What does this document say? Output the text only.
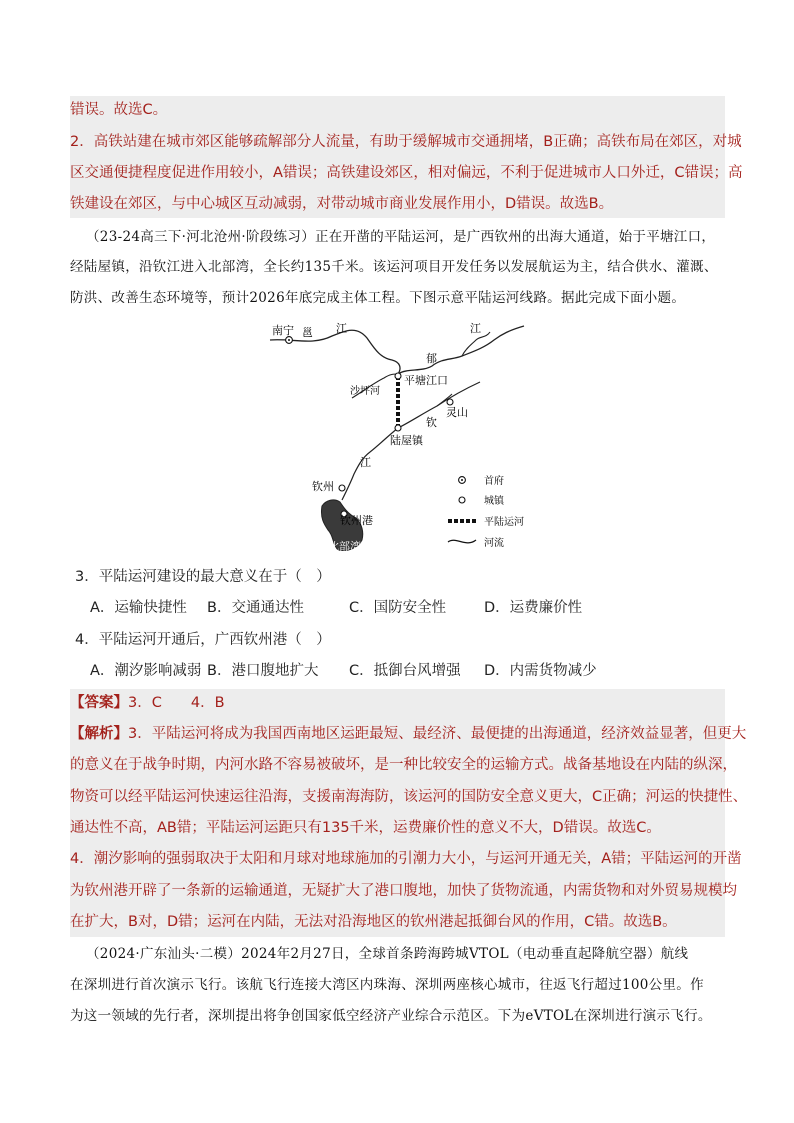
错误。故选C。
2．高铁站建在城市郊区能够疏解部分人流量，有助于缓解城市交通拥堵，B正确；高铁布局在郊区，对城
区交通便捷程度促进作用较小，A错误；高铁建设郊区，相对偏远，不利于促进城市人口外迁，C错误；高
铁建设在郊区，与中心城区互动减弱，对带动城市商业发展作用小，D错误。故选B。
（23-24高三下·河北沧州·阶段练习）正在开凿的平陆运河，是广西钦州的出海大通道，始于平塘江口，
经陆屋镇，沿钦江进入北部湾，全长约135千米。该运河项目开发任务以发展航运为主，结合供水、灌溉、
防洪、改善生态环境等，预计2026年底完成主体工程。下图示意平陆运河线路。据此完成下面小题。
南宁 邕 江
郁
江
沙坪河
平塘江口
灵山
钦
陆屋镇
江
钦州
钦州港
北部湾
首府
城镇
平陆运河
河流
3．平陆运河建设的最大意义在于（　）
A．运输快捷性 B．交通通达性	C．国防安全性	D．运费廉价性
4．平陆运河开通后，广西钦州港（　）
A．潮汐影响减弱 B．港口腹地扩大 C．抵御台风增强 D．内需货物减少
【答案】3．C　　4．B
【解析】3．平陆运河将成为我国西南地区运距最短、最经济、最便捷的出海通道，经济效益显著，但更大
的意义在于战争时期，内河水路不容易被破坏，是一种比较安全的运输方式。战备基地设在内陆的纵深，
物资可以经平陆运河快速运往沿海，支援南海海防，该运河的国防安全意义更大，C正确；河运的快捷性、
通达性不高，AB错；平陆运河运距只有135千米，运费廉价性的意义不大，D错误。故选C。
4．潮汐影响的强弱取决于太阳和月球对地球施加的引潮力大小，与运河开通无关，A错；平陆运河的开凿
为钦州港开辟了一条新的运输通道，无疑扩大了港口腹地，加快了货物流通，内需货物和对外贸易规模均
在扩大，B对，D错；运河在内陆，无法对沿海地区的钦州港起抵御台风的作用，C错。故选B。
（2024·广东汕头·二模）2024年2月27日，全球首条跨海跨城VTOL（电动垂直起降航空器）航线
在深圳进行首次演示飞行。该航飞行连接大湾区内珠海、深圳两座核心城市，往返飞行超过100公里。作
为这一领域的先行者，深圳提出将争创国家低空经济产业综合示范区。下为eVTOL在深圳进行演示飞行。
